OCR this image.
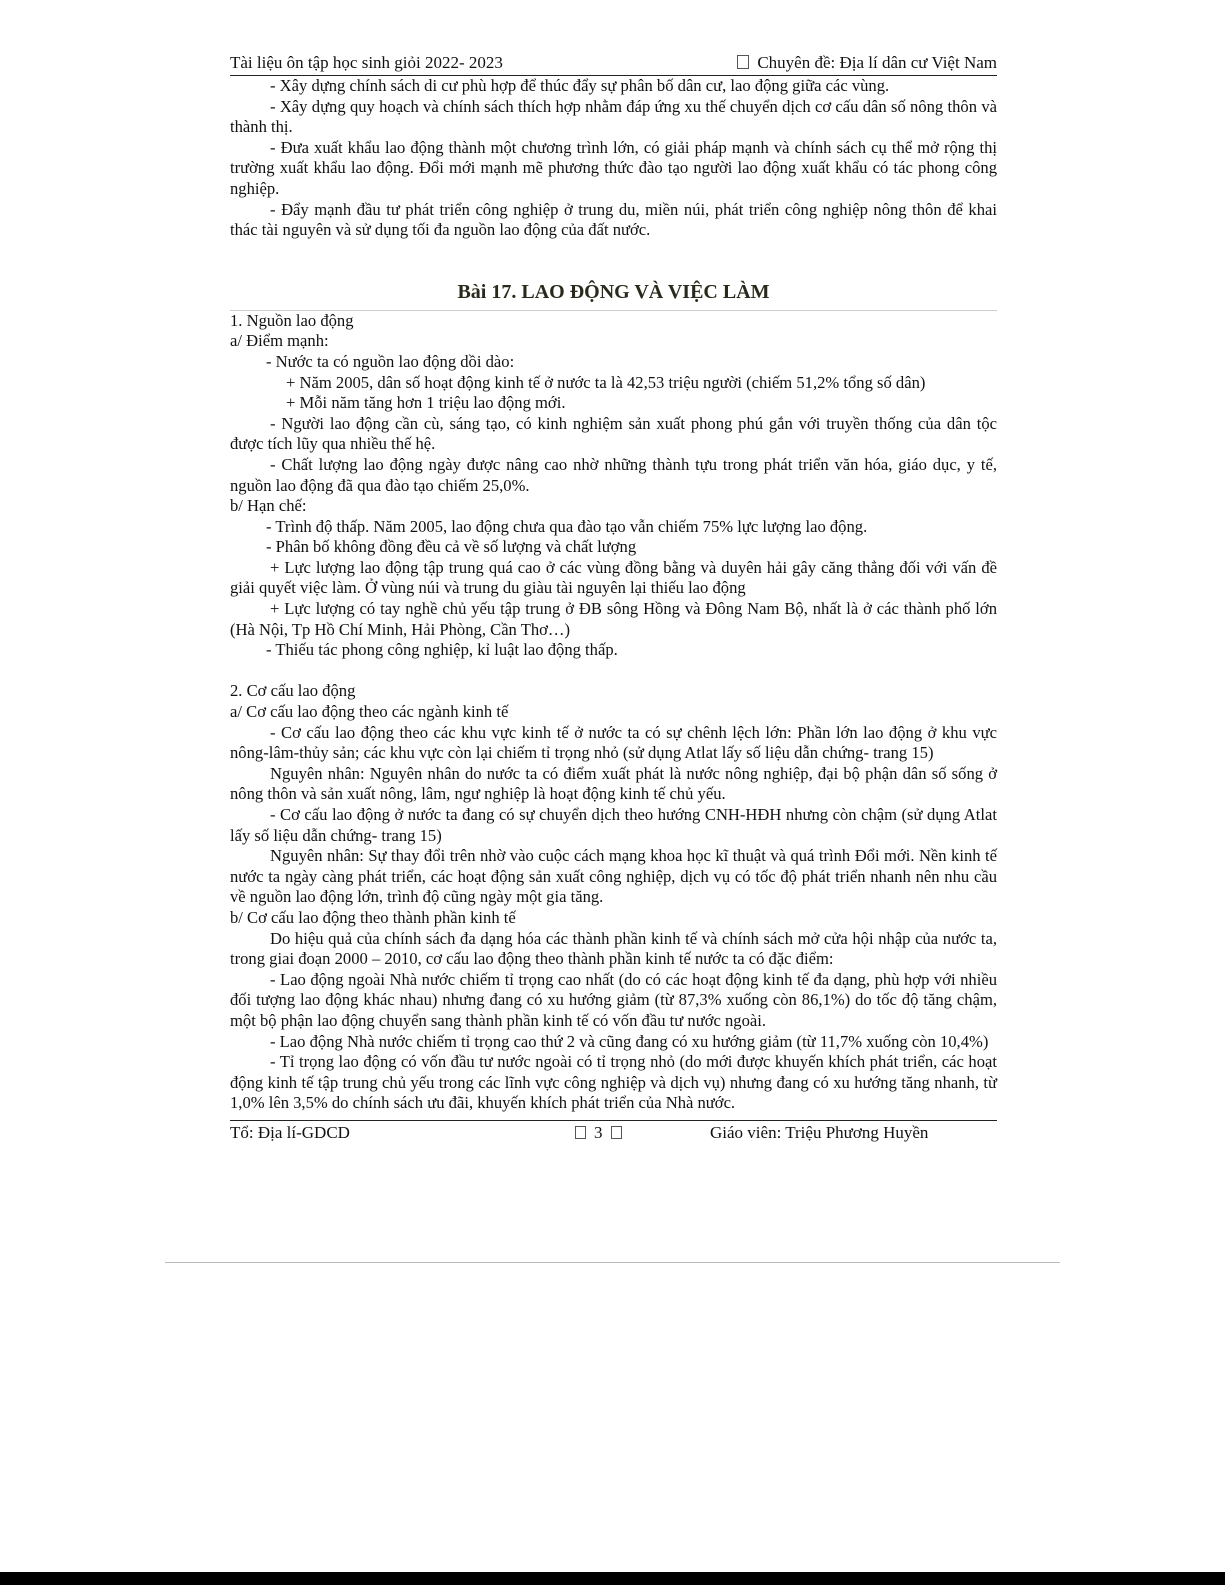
Tài liệu ôn tập học sinh giỏi 2022- 2023	Chuyên đề: Địa lí dân cư Việt Nam

- Xây dựng chính sách di cư phù hợp để thúc đẩy sự phân bố dân cư, lao động giữa các vùng.

- Xây dựng quy hoạch và chính sách thích hợp nhằm đáp ứng xu thế chuyển dịch cơ cấu dân số nông thôn và thành thị.

- Đưa xuất khẩu lao động thành một chương trình lớn, có giải pháp mạnh và chính sách cụ thể mở rộng thị trường xuất khẩu lao động. Đổi mới mạnh mẽ phương thức đào tạo người lao động xuất khẩu có tác phong công nghiệp.

- Đẩy mạnh đầu tư phát triển công nghiệp ở trung du, miền núi, phát triển công nghiệp nông thôn để khai thác tài nguyên và sử dụng tối đa nguồn lao động của đất nước.

Bài 17. LAO ĐỘNG VÀ VIỆC LÀM

1. Nguồn lao động

a/ Điểm mạnh:

- Nước ta có nguồn lao động dồi dào:

+ Năm 2005, dân số hoạt động kinh tế ở nước ta là 42,53 triệu người (chiếm 51,2% tổng số dân)

+ Mỗi năm tăng hơn 1 triệu lao động mới.

- Người lao động cần cù, sáng tạo, có kinh nghiệm sản xuất phong phú gắn với truyền thống của dân tộc được tích lũy qua nhiều thế hệ.

- Chất lượng lao động ngày được nâng cao nhờ những thành tựu trong phát triển văn hóa, giáo dục, y tế, nguồn lao động đã qua đào tạo chiếm 25,0%.

b/ Hạn chế:

- Trình độ thấp. Năm 2005, lao động chưa qua đào tạo vẫn chiếm 75% lực lượng lao động.

- Phân bố không đồng đều cả về số lượng và chất lượng

+ Lực lượng lao động tập trung quá cao ở các vùng đồng bằng và duyên hải gây căng thẳng đối với vấn đề giải quyết việc làm. Ở vùng núi và trung du giàu tài nguyên lại thiếu lao động

+ Lực lượng có tay nghề chủ yếu tập trung ở ĐB sông Hồng và Đông Nam Bộ, nhất là ở các thành phố lớn (Hà Nội, Tp Hồ Chí Minh, Hải Phòng, Cần Thơ…)

- Thiếu tác phong công nghiệp, kỉ luật lao động thấp.

2. Cơ cấu lao động

a/ Cơ cấu lao động theo các ngành kinh tế

- Cơ cấu lao động theo các khu vực kinh tế ở nước ta có sự chênh lệch lớn: Phần lớn lao động ở khu vực nông-lâm-thủy sản; các khu vực còn lại chiếm tỉ trọng nhỏ (sử dụng Atlat lấy số liệu dẫn chứng- trang 15)

Nguyên nhân: Nguyên nhân do nước ta có điểm xuất phát là nước nông nghiệp, đại bộ phận dân số sống ở nông thôn và sản xuất nông, lâm, ngư nghiệp là hoạt động kinh tế chủ yếu.

- Cơ cấu lao động ở nước ta đang có sự chuyển dịch theo hướng CNH-HĐH nhưng còn chậm (sử dụng Atlat lấy số liệu dẫn chứng- trang 15)

Nguyên nhân: Sự thay đổi trên nhờ vào cuộc cách mạng khoa học kĩ thuật và quá trình Đổi mới. Nền kinh tế nước ta ngày càng phát triển, các hoạt động sản xuất công nghiệp, dịch vụ có tốc độ phát triển nhanh nên nhu cầu về nguồn lao động lớn, trình độ cũng ngày một gia tăng.

b/ Cơ cấu lao động theo thành phần kinh tế

Do hiệu quả của chính sách đa dạng hóa các thành phần kinh tế và chính sách mở cửa hội nhập của nước ta, trong giai đoạn 2000 – 2010, cơ cấu lao động theo thành phần kinh tế nước ta có đặc điểm:

- Lao động ngoài Nhà nước chiếm tỉ trọng cao nhất (do có các hoạt động kinh tế đa dạng, phù hợp với nhiều đối tượng lao động khác nhau) nhưng đang có xu hướng giảm (từ 87,3% xuống còn 86,1%) do tốc độ tăng chậm, một bộ phận lao động chuyển sang thành phần kinh tế có vốn đầu tư nước ngoài.

- Lao động Nhà nước chiếm tỉ trọng cao thứ 2 và cũng đang có xu hướng giảm (từ 11,7% xuống còn 10,4%)

- Tỉ trọng lao động có vốn đầu tư nước ngoài có tỉ trọng nhỏ (do mới được khuyến khích phát triển, các hoạt động kinh tế tập trung chủ yếu trong các lĩnh vực công nghiệp và dịch vụ) nhưng đang có xu hướng tăng nhanh, từ 1,0% lên 3,5% do chính sách ưu đãi, khuyến khích phát triển của Nhà nước.

Tổ: Địa lí-GDCD	3	Giáo viên: Triệu Phương Huyền
